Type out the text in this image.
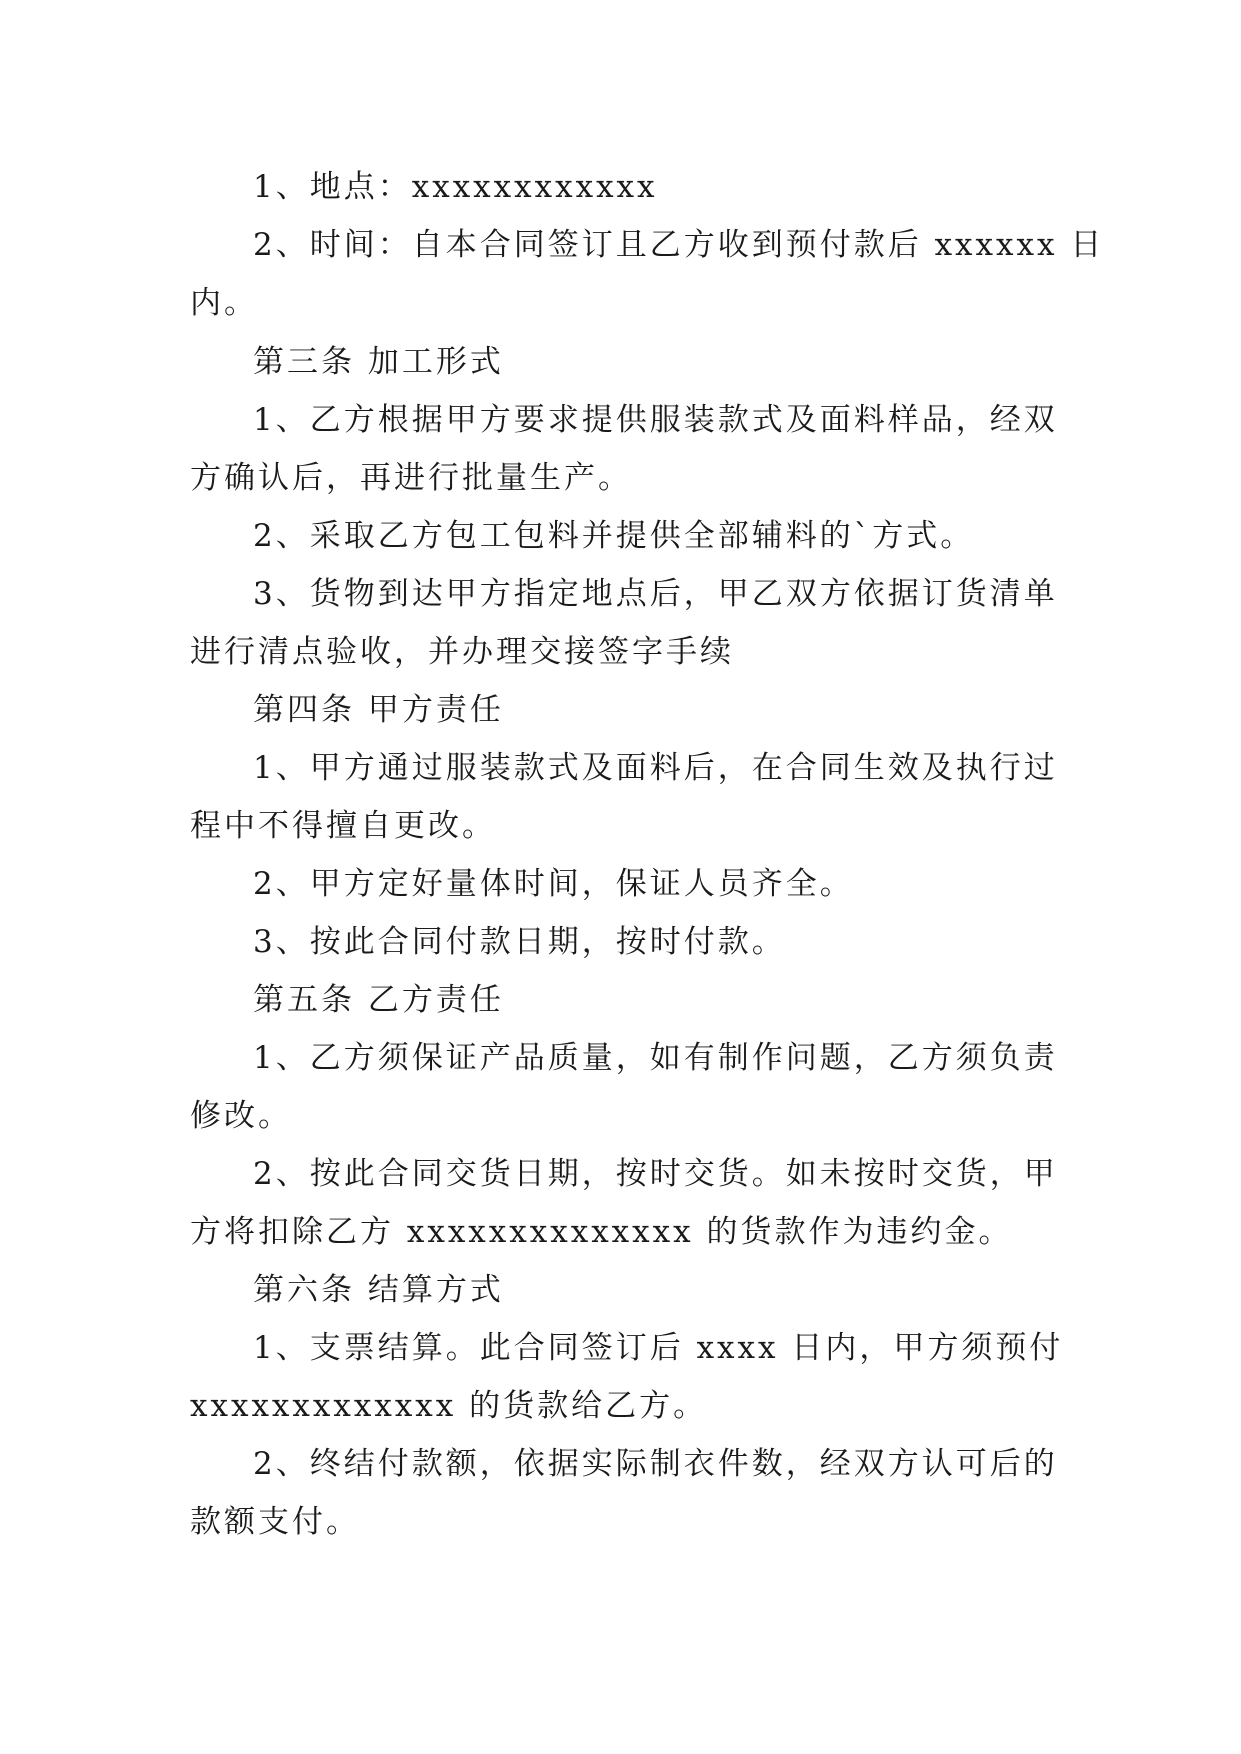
1、地点：xxxxxxxxxxxx
2、时间：自本合同签订且乙方收到预付款后 xxxxxx 日
内。
第三条 加工形式
1、乙方根据甲方要求提供服装款式及面料样品，经双
方确认后，再进行批量生产。
2、采取乙方包工包料并提供全部辅料的`方式。
3、货物到达甲方指定地点后，甲乙双方依据订货清单
进行清点验收，并办理交接签字手续
第四条 甲方责任
1、甲方通过服装款式及面料后，在合同生效及执行过
程中不得擅自更改。
2、甲方定好量体时间，保证人员齐全。
3、按此合同付款日期，按时付款。
第五条 乙方责任
1、乙方须保证产品质量，如有制作问题，乙方须负责
修改。
2、按此合同交货日期，按时交货。如未按时交货，甲
方将扣除乙方 xxxxxxxxxxxxxx 的货款作为违约金。
第六条 结算方式
1、支票结算。此合同签订后 xxxx 日内，甲方须预付
xxxxxxxxxxxxx 的货款给乙方。
2、终结付款额，依据实际制衣件数，经双方认可后的
款额支付。
